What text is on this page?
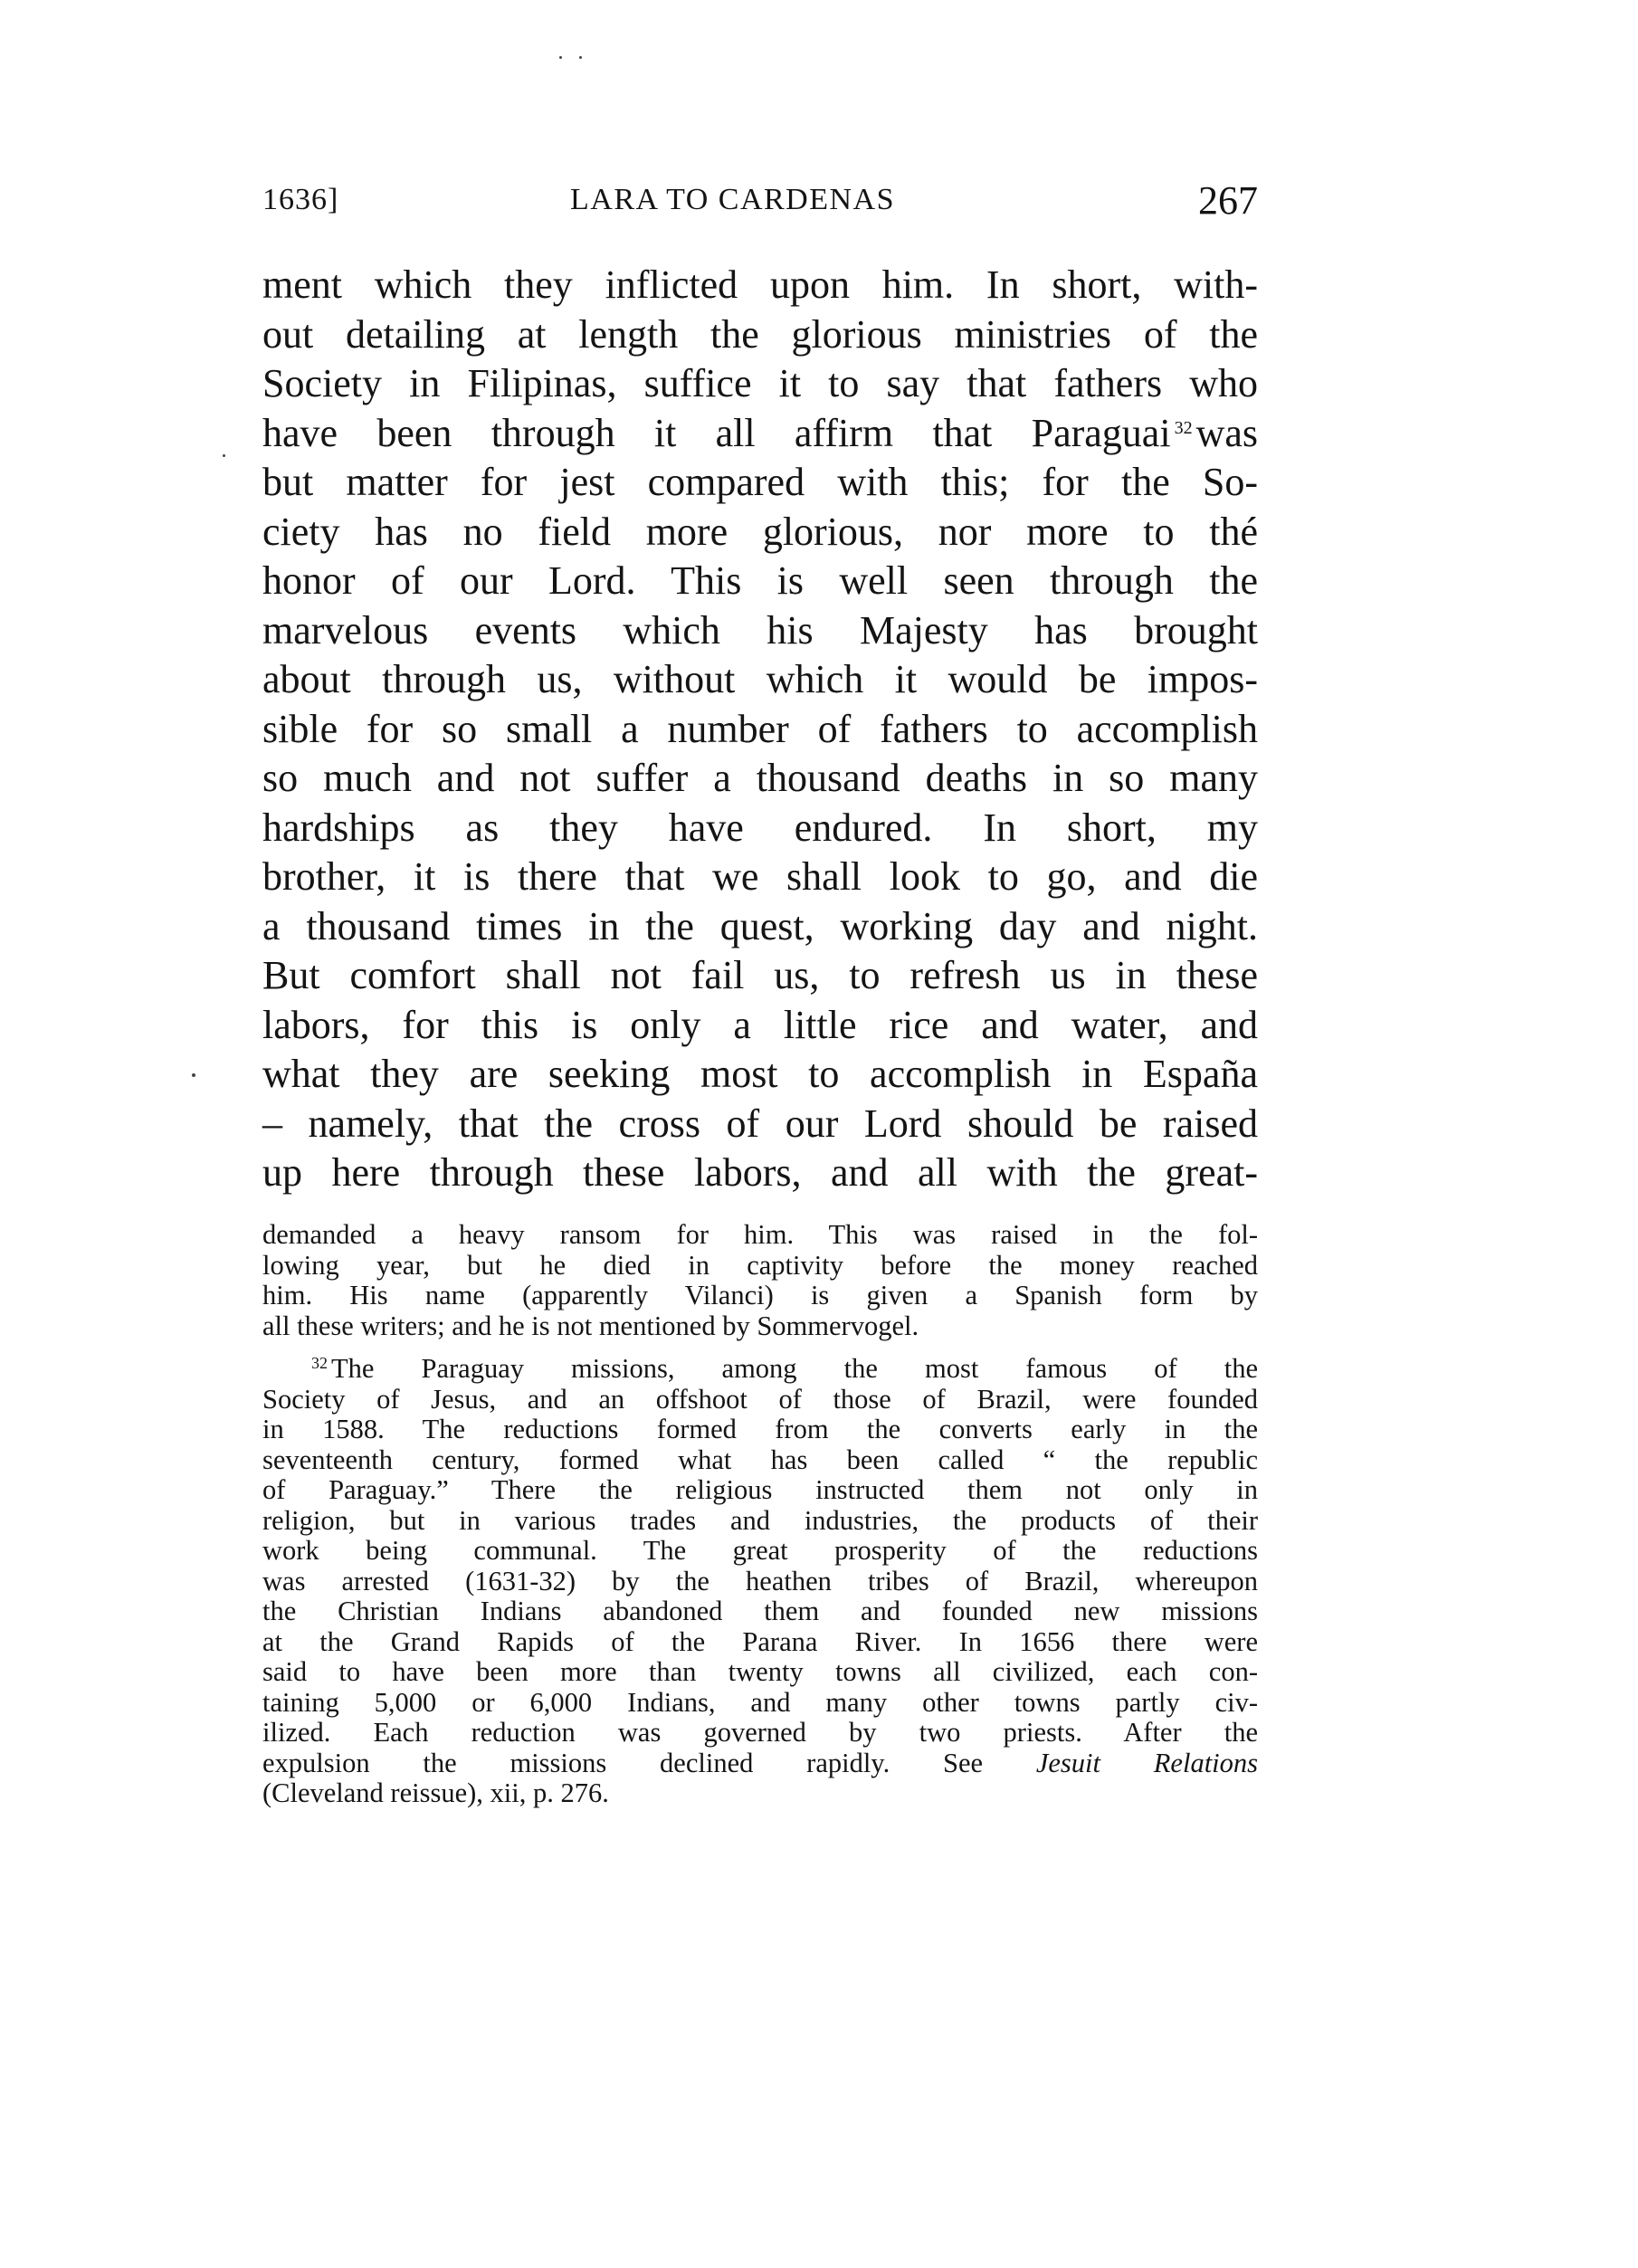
1636]	LARA TO CARDENAS	267
ment which they inflicted upon him. In short, with-
out detailing at length the glorious ministries of the
Society in Filipinas, suffice it to say that fathers who
have been through it all affirm that Paraguai $^{32}$was
but matter for jest compared with this; for the So-
ciety has no field more glorious, nor more to thé
honor of our Lord. This is well seen through the
marvelous events which his Majesty has brought
about through us, without which it would be impos-
sible for so small a number of fathers to accomplish
so much and not suffer a thousand deaths in so many
hardships as they have endured. In short, my
brother, it is there that we shall look to go, and die
a thousand times in the quest, working day and night.
But comfort shall not fail us, to refresh us in these
labors, for this is only a little rice and water, and
what they are seeking most to accomplish in España
– namely, that the cross of our Lord should be raised
up here through these labors, and all with the great-
demanded a heavy ransom for him. This was raised in the fol-
lowing year, but he died in captivity before the money reached
him. His name (apparently Vilanci) is given a Spanish form by
all these writers; and he is not mentioned by Sommervogel.
$^{32}$ The Paraguay missions, among the most famous of the
Society of Jesus, and an offshoot of those of Brazil, were founded
in 1588. The reductions formed from the converts early in the
seventeenth century, formed what has been called “ the republic
of Paraguay.” There the religious instructed them not only in
religion, but in various trades and industries, the products of their
work being communal. The great prosperity of the reductions
was arrested (1631-32) by the heathen tribes of Brazil, whereupon
the Christian Indians abandoned them and founded new missions
at the Grand Rapids of the Parana River. In 1656 there were
said to have been more than twenty towns all civilized, each con-
taining 5,000 or 6,000 Indians, and many other towns partly civ-
ilized. Each reduction was governed by two priests. After the
expulsion the missions declined rapidly. See Jesuit Relations
(Cleveland reissue), xii, p. 276.
